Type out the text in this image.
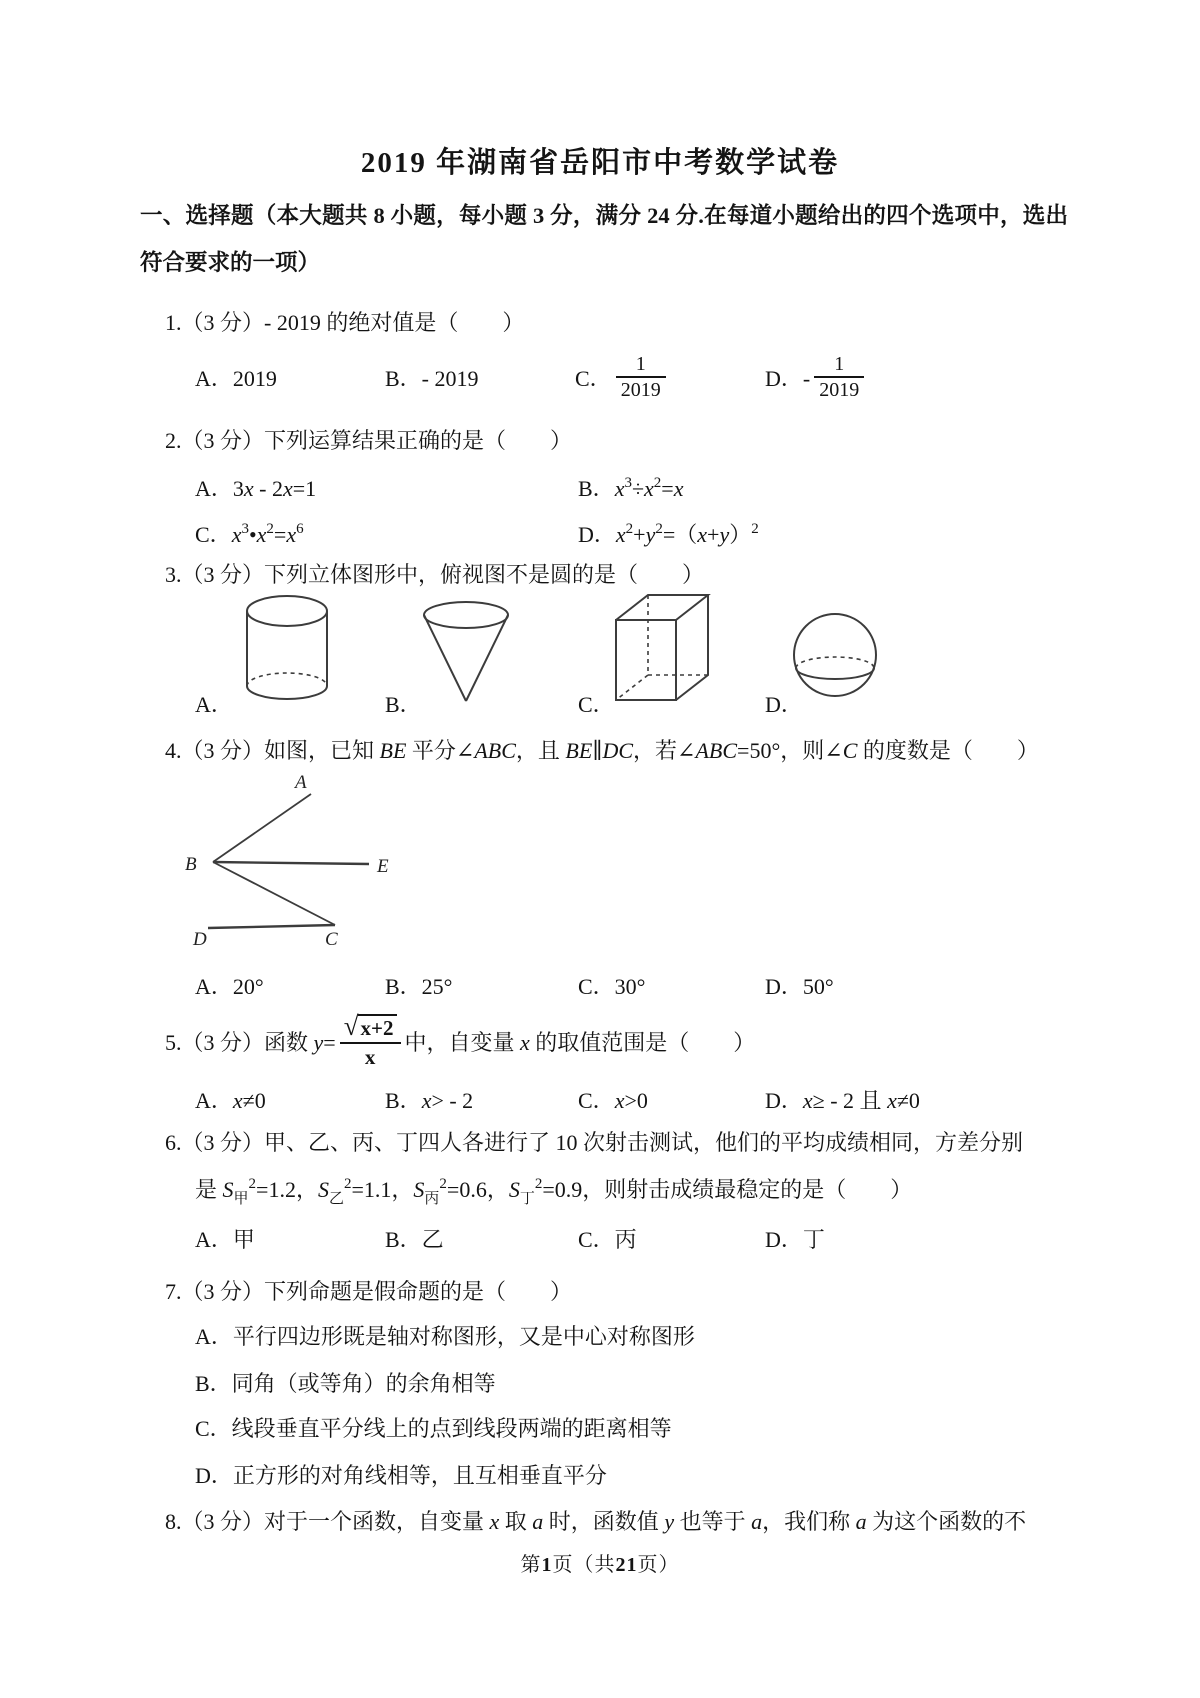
2019 年湖南省岳阳市中考数学试卷

一、选择题（本大题共 8 小题，每小题 3 分，满分 24 分.在每道小题给出的四个选项中，选出符合要求的一项）

1.（3 分）- 2019 的绝对值是（　　）

A．2019	B．- 2019	C． $\frac{1}{2019}$	D．- $\frac{1}{2019}$

2.（3 分）下列运算结果正确的是（　　）

A．3x - 2x=1	B．$x^3\div x^2=x$
C．$x^3•x^2=x^6$	D．$x^2+y^2=(x+y)^2$

3.（3 分）下列立体图形中，俯视图不是圆的是（　　）

A．	B．	C．	D．

4.（3 分）如图，已知 BE 平分∠ABC，且 BE∥DC，若∠ABC=50°，则∠C 的度数是（　　）

A
B	E
D	C
A．20°	B．25°	C．30°	D．50°
5.（3 分）函数 $y= \frac{√ x+2}{x}$ 中，自变量 x 的取值范围是（　　）
A．x≠0	B．x> - 2	C．x>0	D．x≥ - 2 且 x≠0

6.（3 分）甲、乙、丙、丁四人各进行了 10 次射击测试，他们的平均成绩相同，方差分别

是 $S_甲^2=1.2$，$S_乙^2=1.1$，$S_丙^2=0.6$，$S_丁^2=0.9$，则射击成绩最稳定的是（　　）

A．甲	B．乙	C．丙	D．丁

7.（3 分）下列命题是假命题的是（　　）

A．平行四边形既是轴对称图形，又是中心对称图形
B．同角（或等角）的余角相等
C．线段垂直平分线上的点到线段两端的距离相等
D．正方形的对角线相等，且互相垂直平分

8.（3 分）对于一个函数，自变量 x 取 a 时，函数值 y 也等于 a，我们称 a 为这个函数的不

第1页（共21页）
